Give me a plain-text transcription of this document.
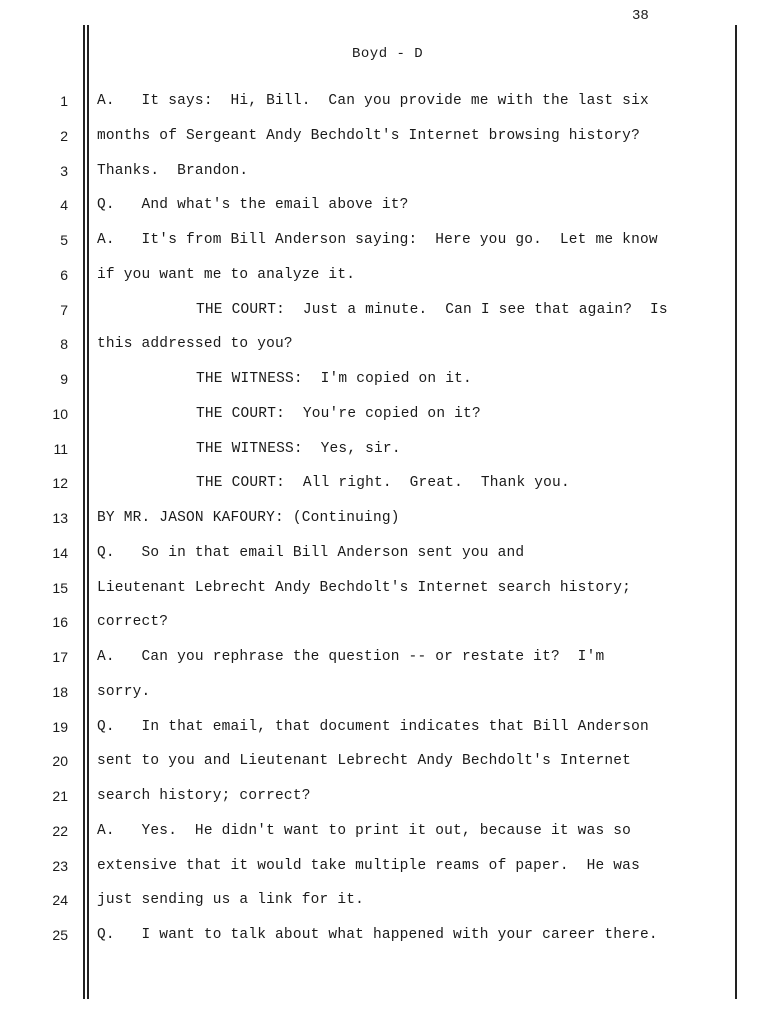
38
Boyd - D
1 A.   It says:  Hi, Bill.  Can you provide me with the last six
2 months of Sergeant Andy Bechdolt's Internet browsing history?
3 Thanks.  Brandon.
4 Q.   And what's the email above it?
5 A.   It's from Bill Anderson saying:  Here you go.  Let me know
6 if you want me to analyze it.
7	THE COURT:  Just a minute.  Can I see that again?  Is
8 this addressed to you?
9	THE WITNESS:  I'm copied on it.
10	THE COURT:  You're copied on it?
11	THE WITNESS:  Yes, sir.
12	THE COURT:  All right.  Great.  Thank you.
13 BY MR. JASON KAFOURY: (Continuing)
14 Q.   So in that email Bill Anderson sent you and
15 Lieutenant Lebrecht Andy Bechdolt's Internet search history;
16 correct?
17 A.   Can you rephrase the question -- or restate it?  I'm
18 sorry.
19 Q.   In that email, that document indicates that Bill Anderson
20 sent to you and Lieutenant Lebrecht Andy Bechdolt's Internet
21 search history; correct?
22 A.   Yes.  He didn't want to print it out, because it was so
23 extensive that it would take multiple reams of paper.  He was
24 just sending us a link for it.
25 Q.   I want to talk about what happened with your career there.
